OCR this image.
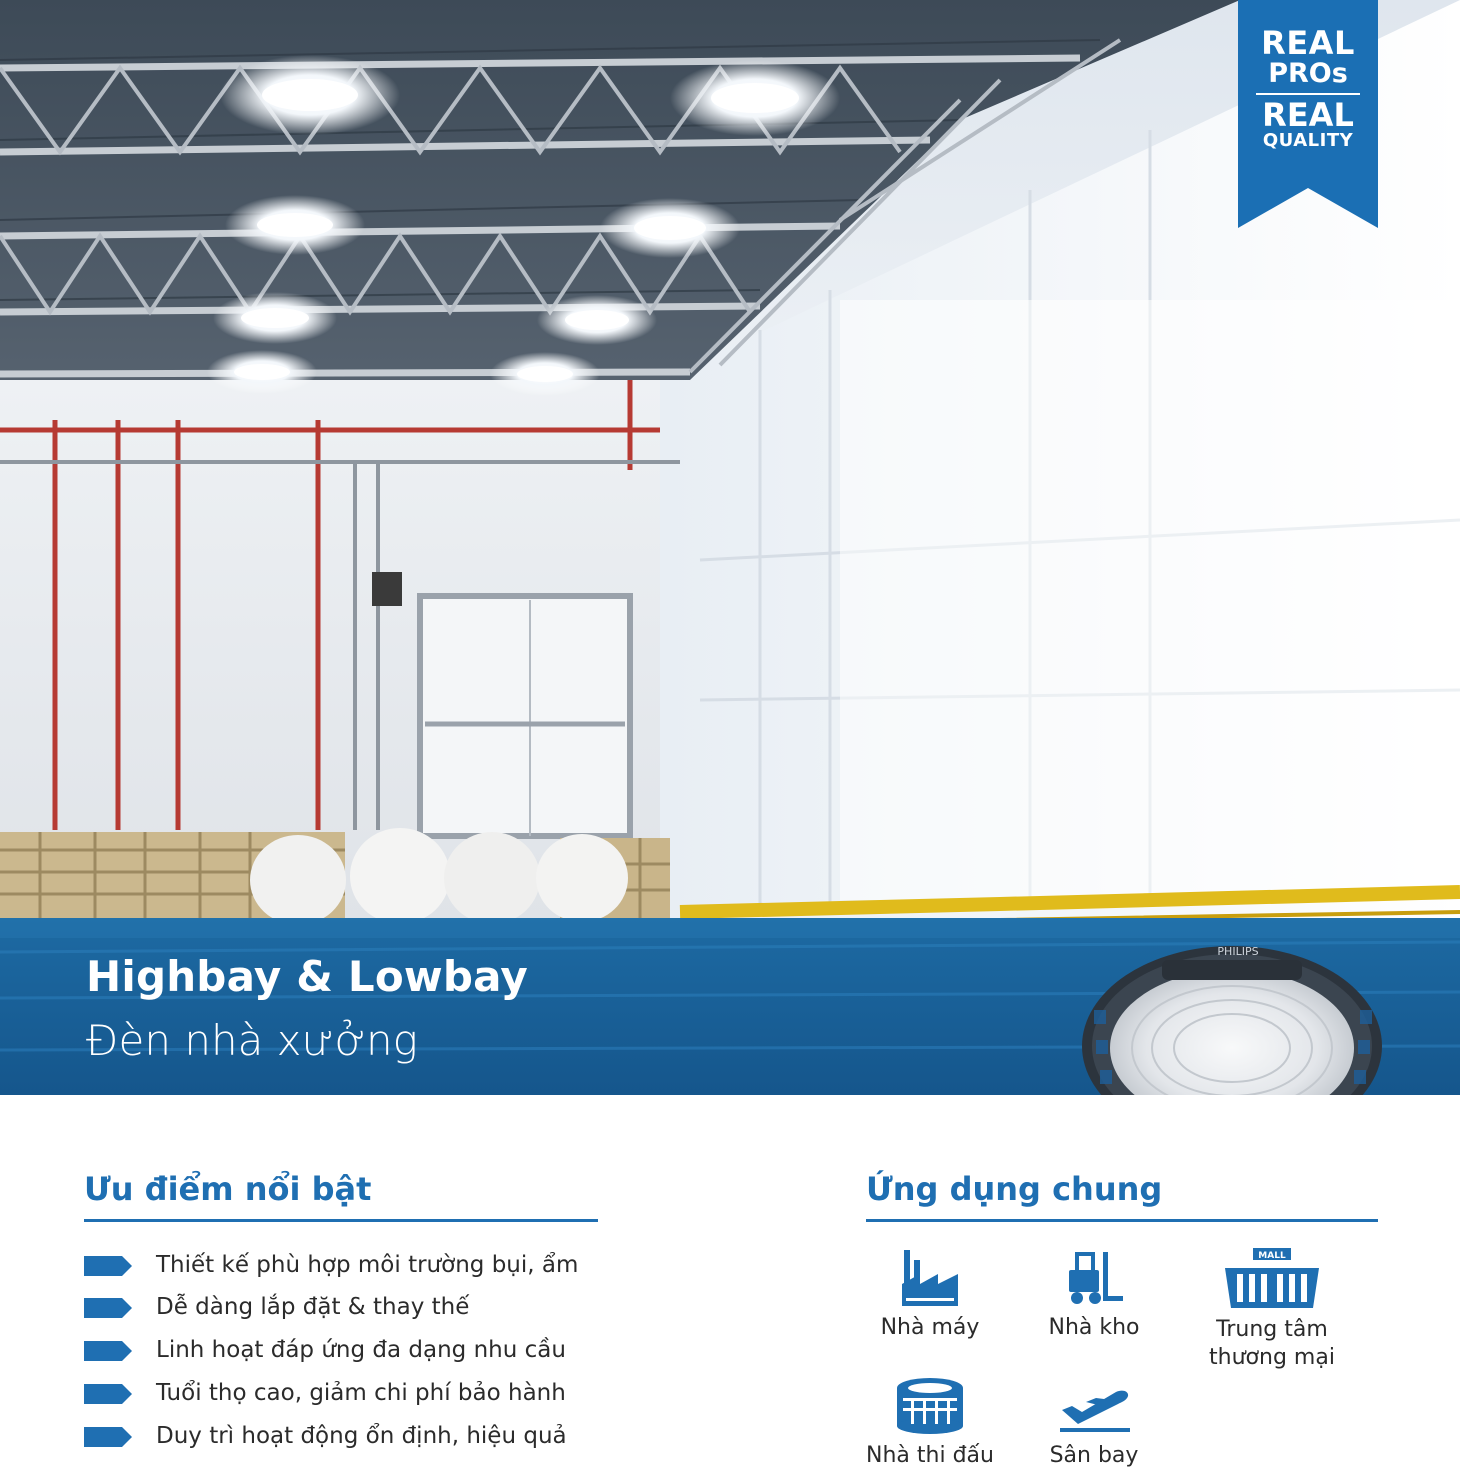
PHILIPS
REAL
PROs
REAL
QUALITY
Highbay & Lowbay
Đèn nhà xưởng
Ưu điểm nổi bật
Thiết kế phù hợp môi trường bụi, ẩm
Dễ dàng lắp đặt & thay thế
Linh hoạt đáp ứng đa dạng nhu cầu
Tuổi thọ cao, giảm chi phí bảo hành
Duy trì hoạt động ổn định, hiệu quả
Ứng dụng chung
Nhà máy	Nhà kho
MALL
Trung tâm
thương mại
Nhà thi đấu	Sân bay
